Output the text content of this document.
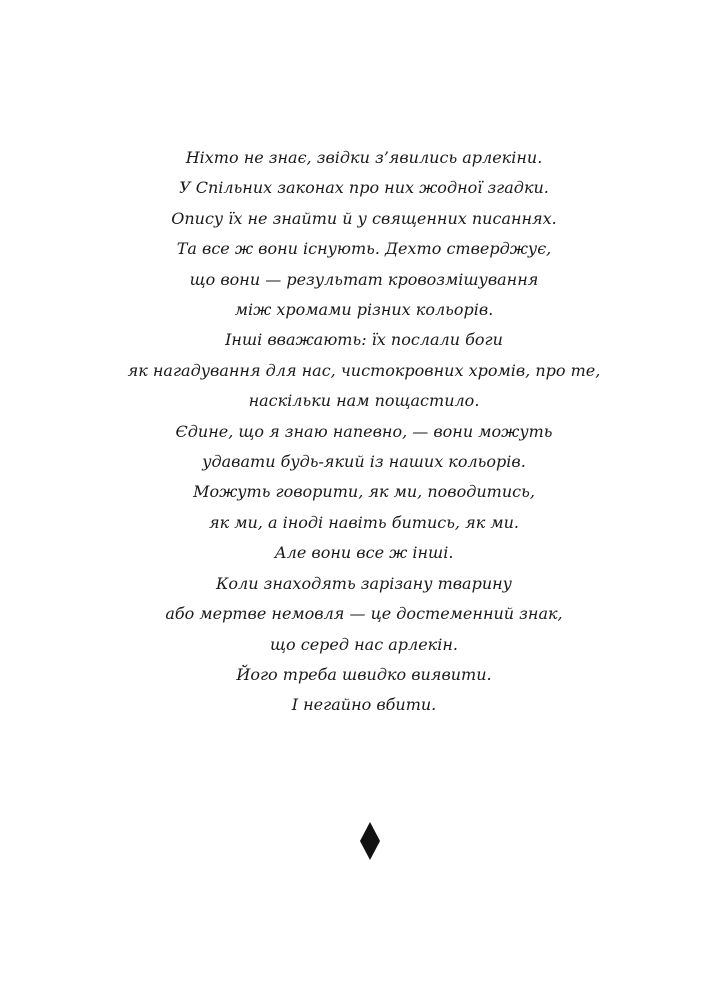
Ніхто не знає, звідки з’явились арлекіни.
У Спільних законах про них жодної згадки.
Опису їх не знайти й у священних писаннях.
Та все ж вони існують. Дехто стверджує,
що вони — результат кровозмішування
між хромами різних кольорів.
Інші вважають: їх послали боги
як нагадування для нас, чистокровних хромів, про те,
наскільки нам пощастило.
Єдине, що я знаю напевно, — вони можуть
удавати будь-який із наших кольорів.
Можуть говорити, як ми, поводитись,
як ми, а іноді навіть битись, як ми.
Але вони все ж інші.
Коли знаходять зарізану тварину
або мертве немовля — це достеменний знак,
що серед нас арлекін.
Його треба швидко виявити.
І негайно вбити.
